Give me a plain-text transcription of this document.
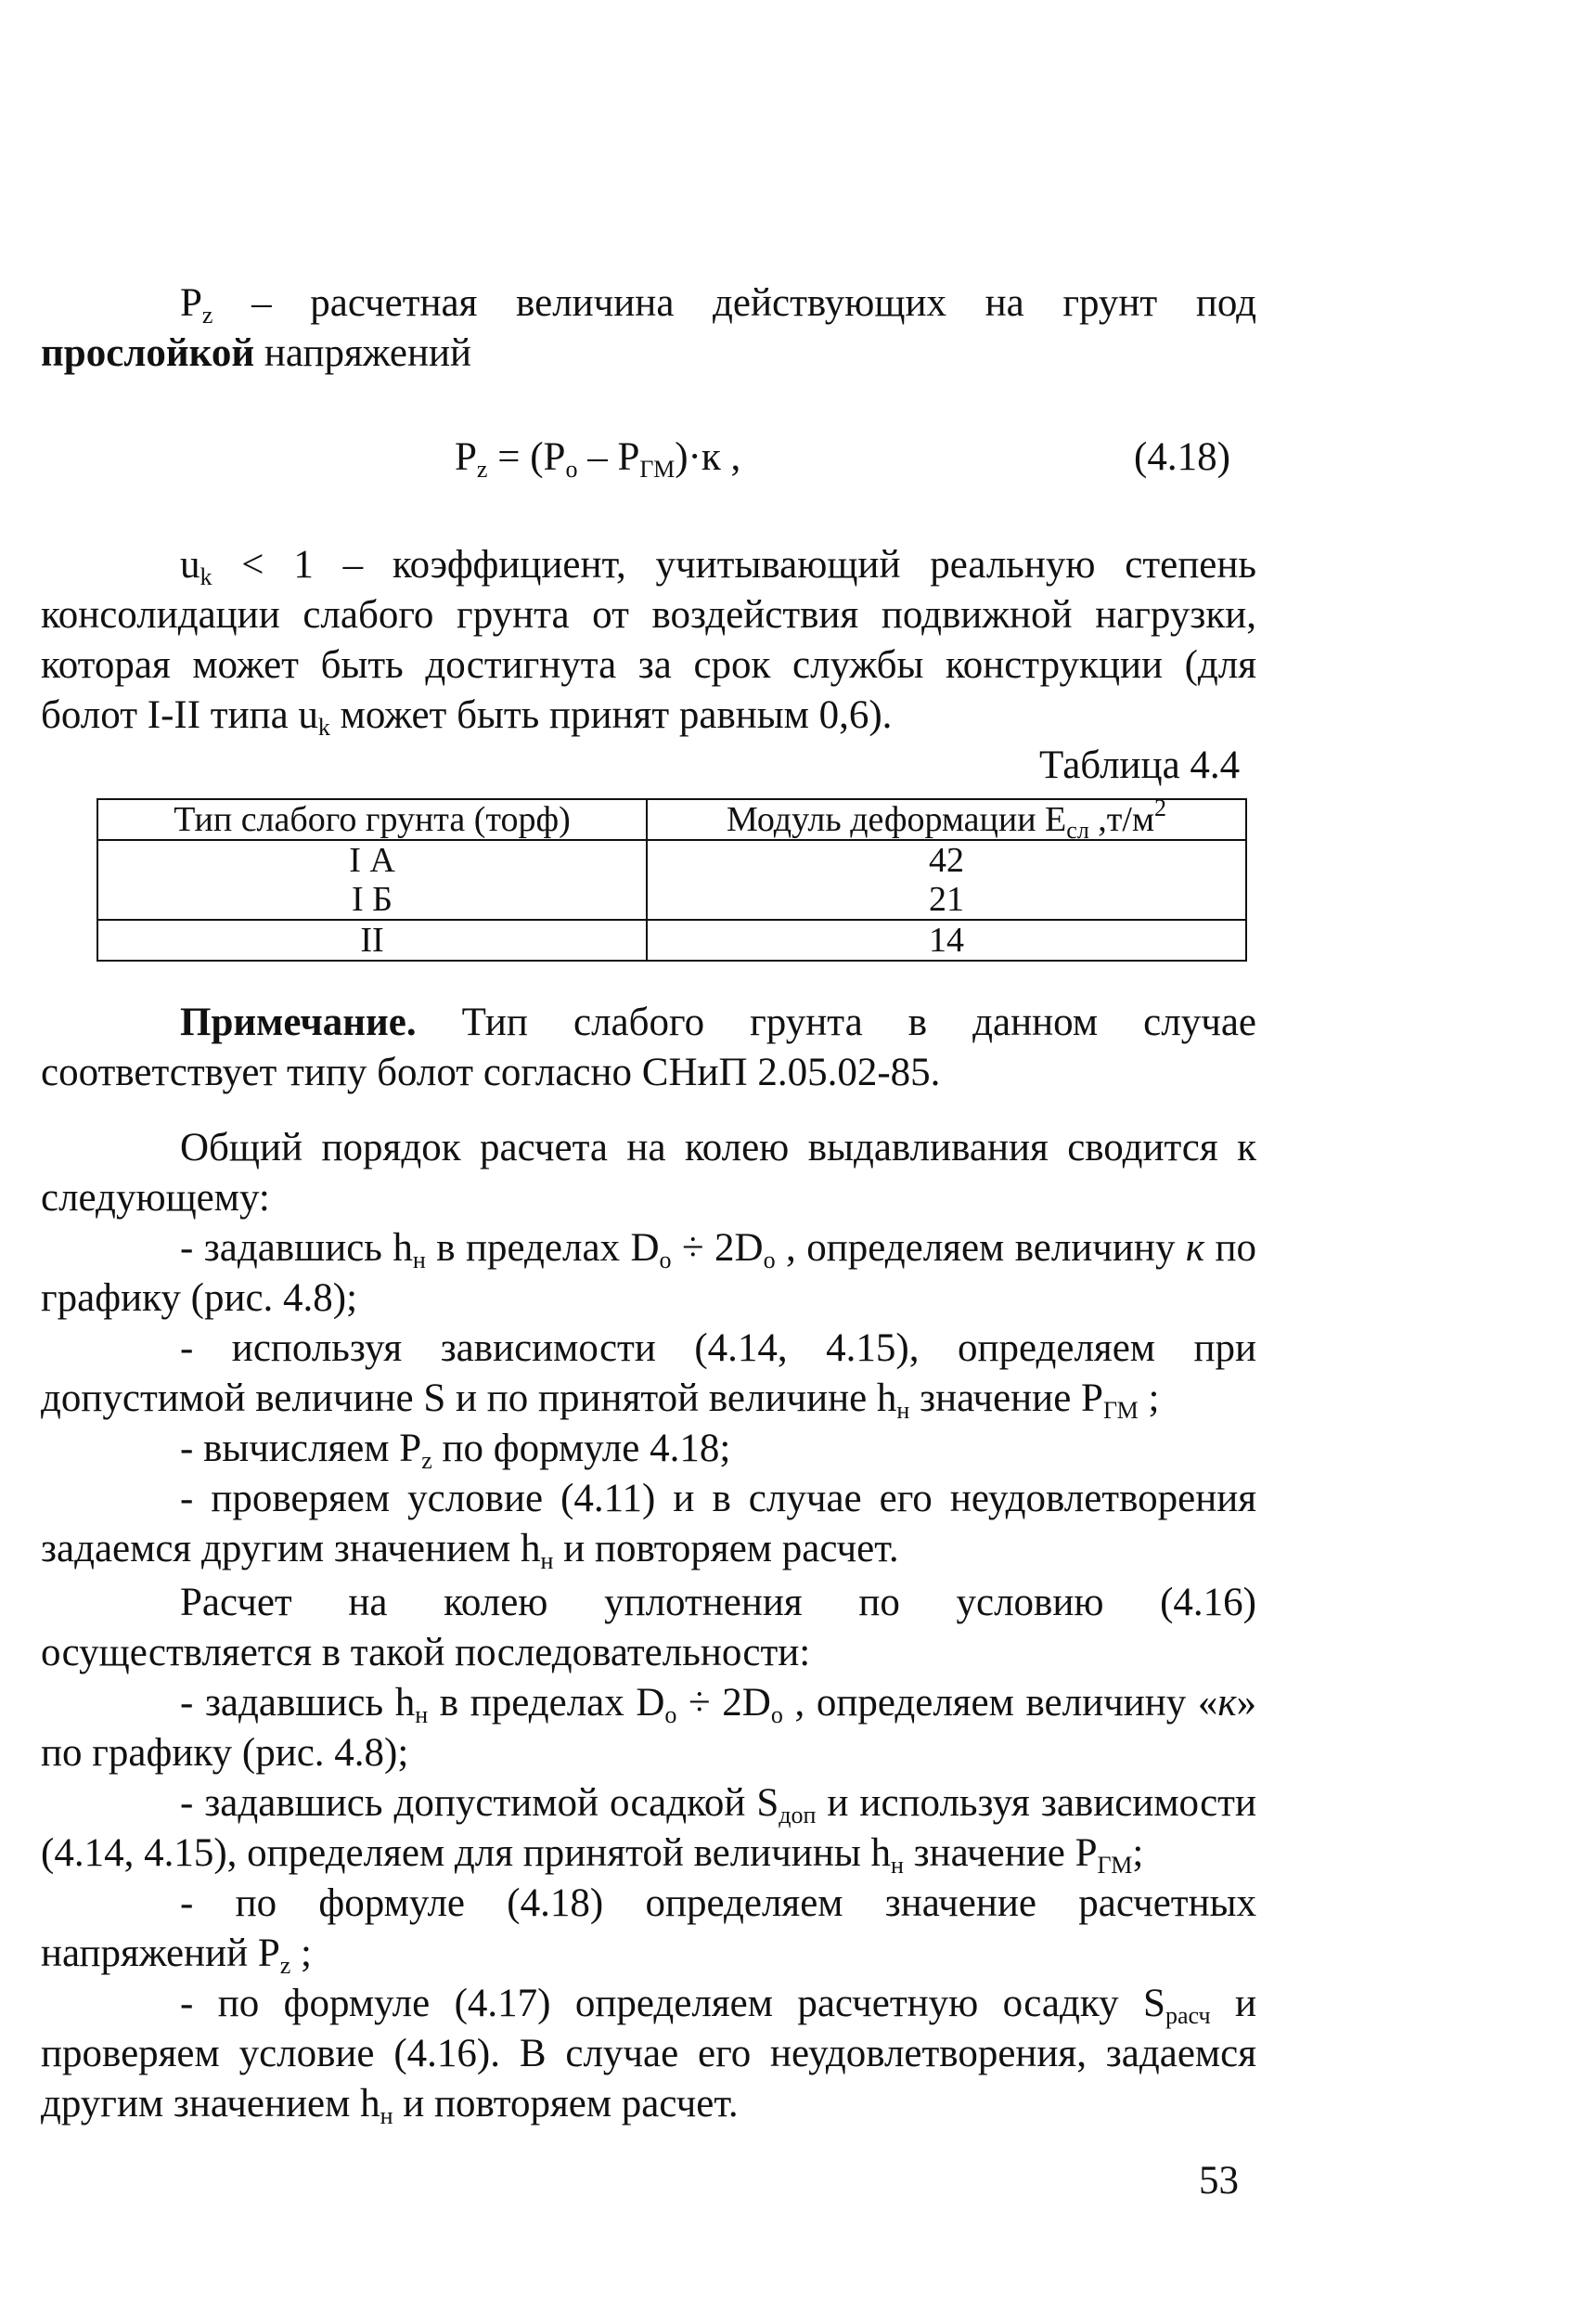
$P_z$ – расчетная величина действующих на грунт под прослойкой напряжений

$P_z = (P_o - P_{ГМ})\cdot к$ ,	(4.18)

$u_k < 1$ – коэффициент, учитывающий реальную степень консолидации слабого грунта от воздействия подвижной нагрузки, которая может быть достигнута за срок службы конструкции (для болот I-II типа $u_k$ может быть принят равным 0,6).

Таблица 4.4
Тип слабого грунта (торф)	Модуль деформации $E_{сл}$ $,т/м^2$
I А	42
I Б	21
II	14

Примечание. Тип слабого грунта в данном случае соответствует типу болот согласно СНиП 2.05.02-85.

Общий порядок расчета на колею выдавливания сводится к следующему:

- задавшись $h_н$ в пределах $D_о \div 2D_о$ , определяем величину к по графику (рис. 4.8);

- используя зависимости (4.14, 4.15), определяем при допустимой величине S и по принятой величине $h_н$ значение $P_{ГМ}$ ;

- вычисляем $P_z$ по формуле 4.18;

- проверяем условие (4.11) и в случае его неудовлетворения задаемся другим значением $h_н$ и повторяем расчет.

Расчет на колею уплотнения по условию (4.16) осуществляется в такой последовательности:

- задавшись $h_н$ в пределах $D_о \div 2D_о$ , определяем величину «к» по графику (рис. 4.8);

- задавшись допустимой осадкой $S_{доп}$ и используя зависимости (4.14, 4.15), определяем для принятой величины $h_н$ значение $P_{ГМ}$;

- по формуле (4.18) определяем значение расчетных напряжений $P_z$ ;

- по формуле (4.17) определяем расчетную осадку $S_{расч}$ и проверяем условие (4.16). В случае его неудовлетворения, задаемся другим значением $h_н$ и повторяем расчет.

53
